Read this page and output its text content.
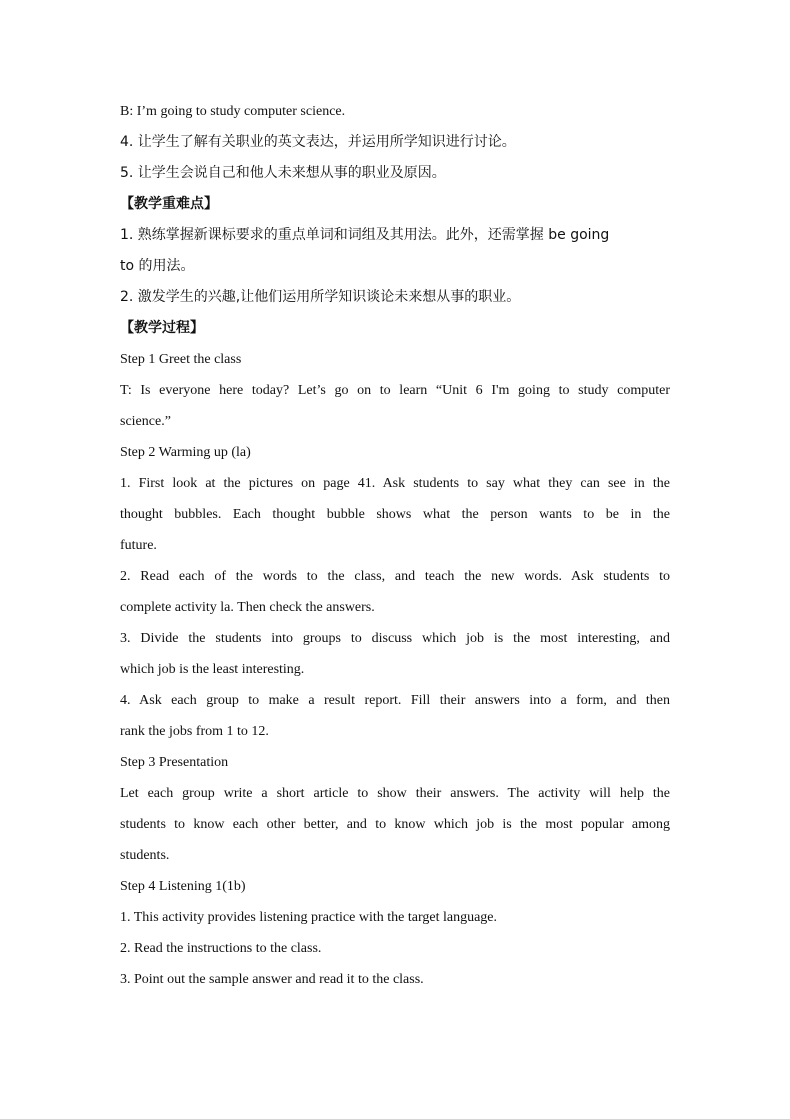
B: I’m going to study computer science.
4. 让学生了解有关职业的英文表达，并运用所学知识进行讨论。
5. 让学生会说自己和他人未来想从事的职业及原因。
【教学重难点】
1. 熟练掌握新课标要求的重点单词和词组及其用法。此外，还需掌握 be going
to 的用法。
2. 激发学生的兴趣,让他们运用所学知识谈论未来想从事的职业。
【教学过程】
Step 1 Greet the class
T: Is everyone here today? Let’s go on to learn “Unit 6 I'm going to study computer
science.”
Step 2 Warming up (la)
1. First look at the pictures on page 41. Ask students to say what they can see in the
thought bubbles. Each thought bubble shows what the person wants to be in the
future.
2. Read each of the words to the class, and teach the new words. Ask students to
complete activity la. Then check the answers.
3. Divide the students into groups to discuss which job is the most interesting, and
which job is the least interesting.
4. Ask each group to make a result report. Fill their answers into a form, and then
rank the jobs from 1 to 12.
Step 3 Presentation
Let each group write a short article to show their answers. The activity will help the
students to know each other better, and to know which job is the most popular among
students.
Step 4 Listening 1(1b)
1. This activity provides listening practice with the target language.
2. Read the instructions to the class.
3. Point out the sample answer and read it to the class.
